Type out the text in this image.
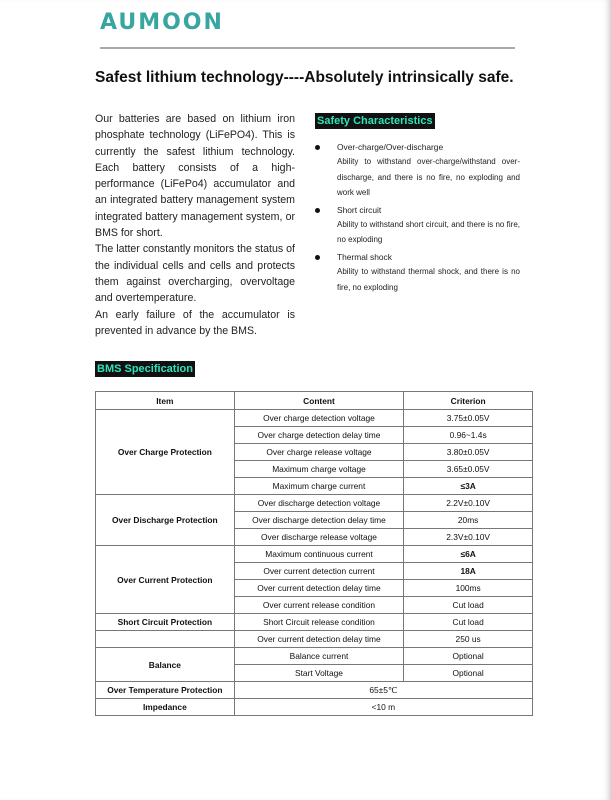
AUMOON
Safest lithium technology----Absolutely intrinsically safe.

Our batteries are based on lithium iron phosphate technology (LiFePO4). This is currently the safest lithium technology. Each battery consists of a high-performance (LiFePo4) accumulator and an integrated battery management system integrated battery management system, or BMS for short.

The latter constantly monitors the status of the individual cells and cells and protects them against overcharging, overvoltage and overtemperature.

An early failure of the accumulator is prevented in advance by the BMS.

Safety Characteristics
Over-charge/Over-discharge
Ability to withstand over-charge/withstand over- discharge, and there is no fire, no exploding and work well
Short circuit
Ability to withstand short circuit, and there is no fire, no exploding
Thermal shock
Ability to withstand thermal shock, and there is no fire, no exploding
BMS Specification
Item	Content	Criterion
Over Charge Protection	Over charge detection voltage	3.75±0.05V
	Over charge detection delay time	0.96~1.4s
	Over charge release voltage	3.80±0.05V
	Maximum charge voltage	3.65±0.05V
	Maximum charge current	≤3A
Over Discharge Protection	Over discharge detection voltage	2.2V±0.10V
	Over discharge detection delay time	20ms
	Over discharge release voltage	2.3V±0.10V
Over Current Protection	Maximum continuous current	≤6A
	Over current detection current	18A
	Over current detection delay time	100ms
	Over current release condition	Cut load
Short Circuit Protection	Short Circuit release condition	Cut load
	Over current detection delay time	250 us
Balance	Balance current	Optional
	Start Voltage	Optional
Over Temperature Protection	65±5℃	
Impedance	<10 m	
